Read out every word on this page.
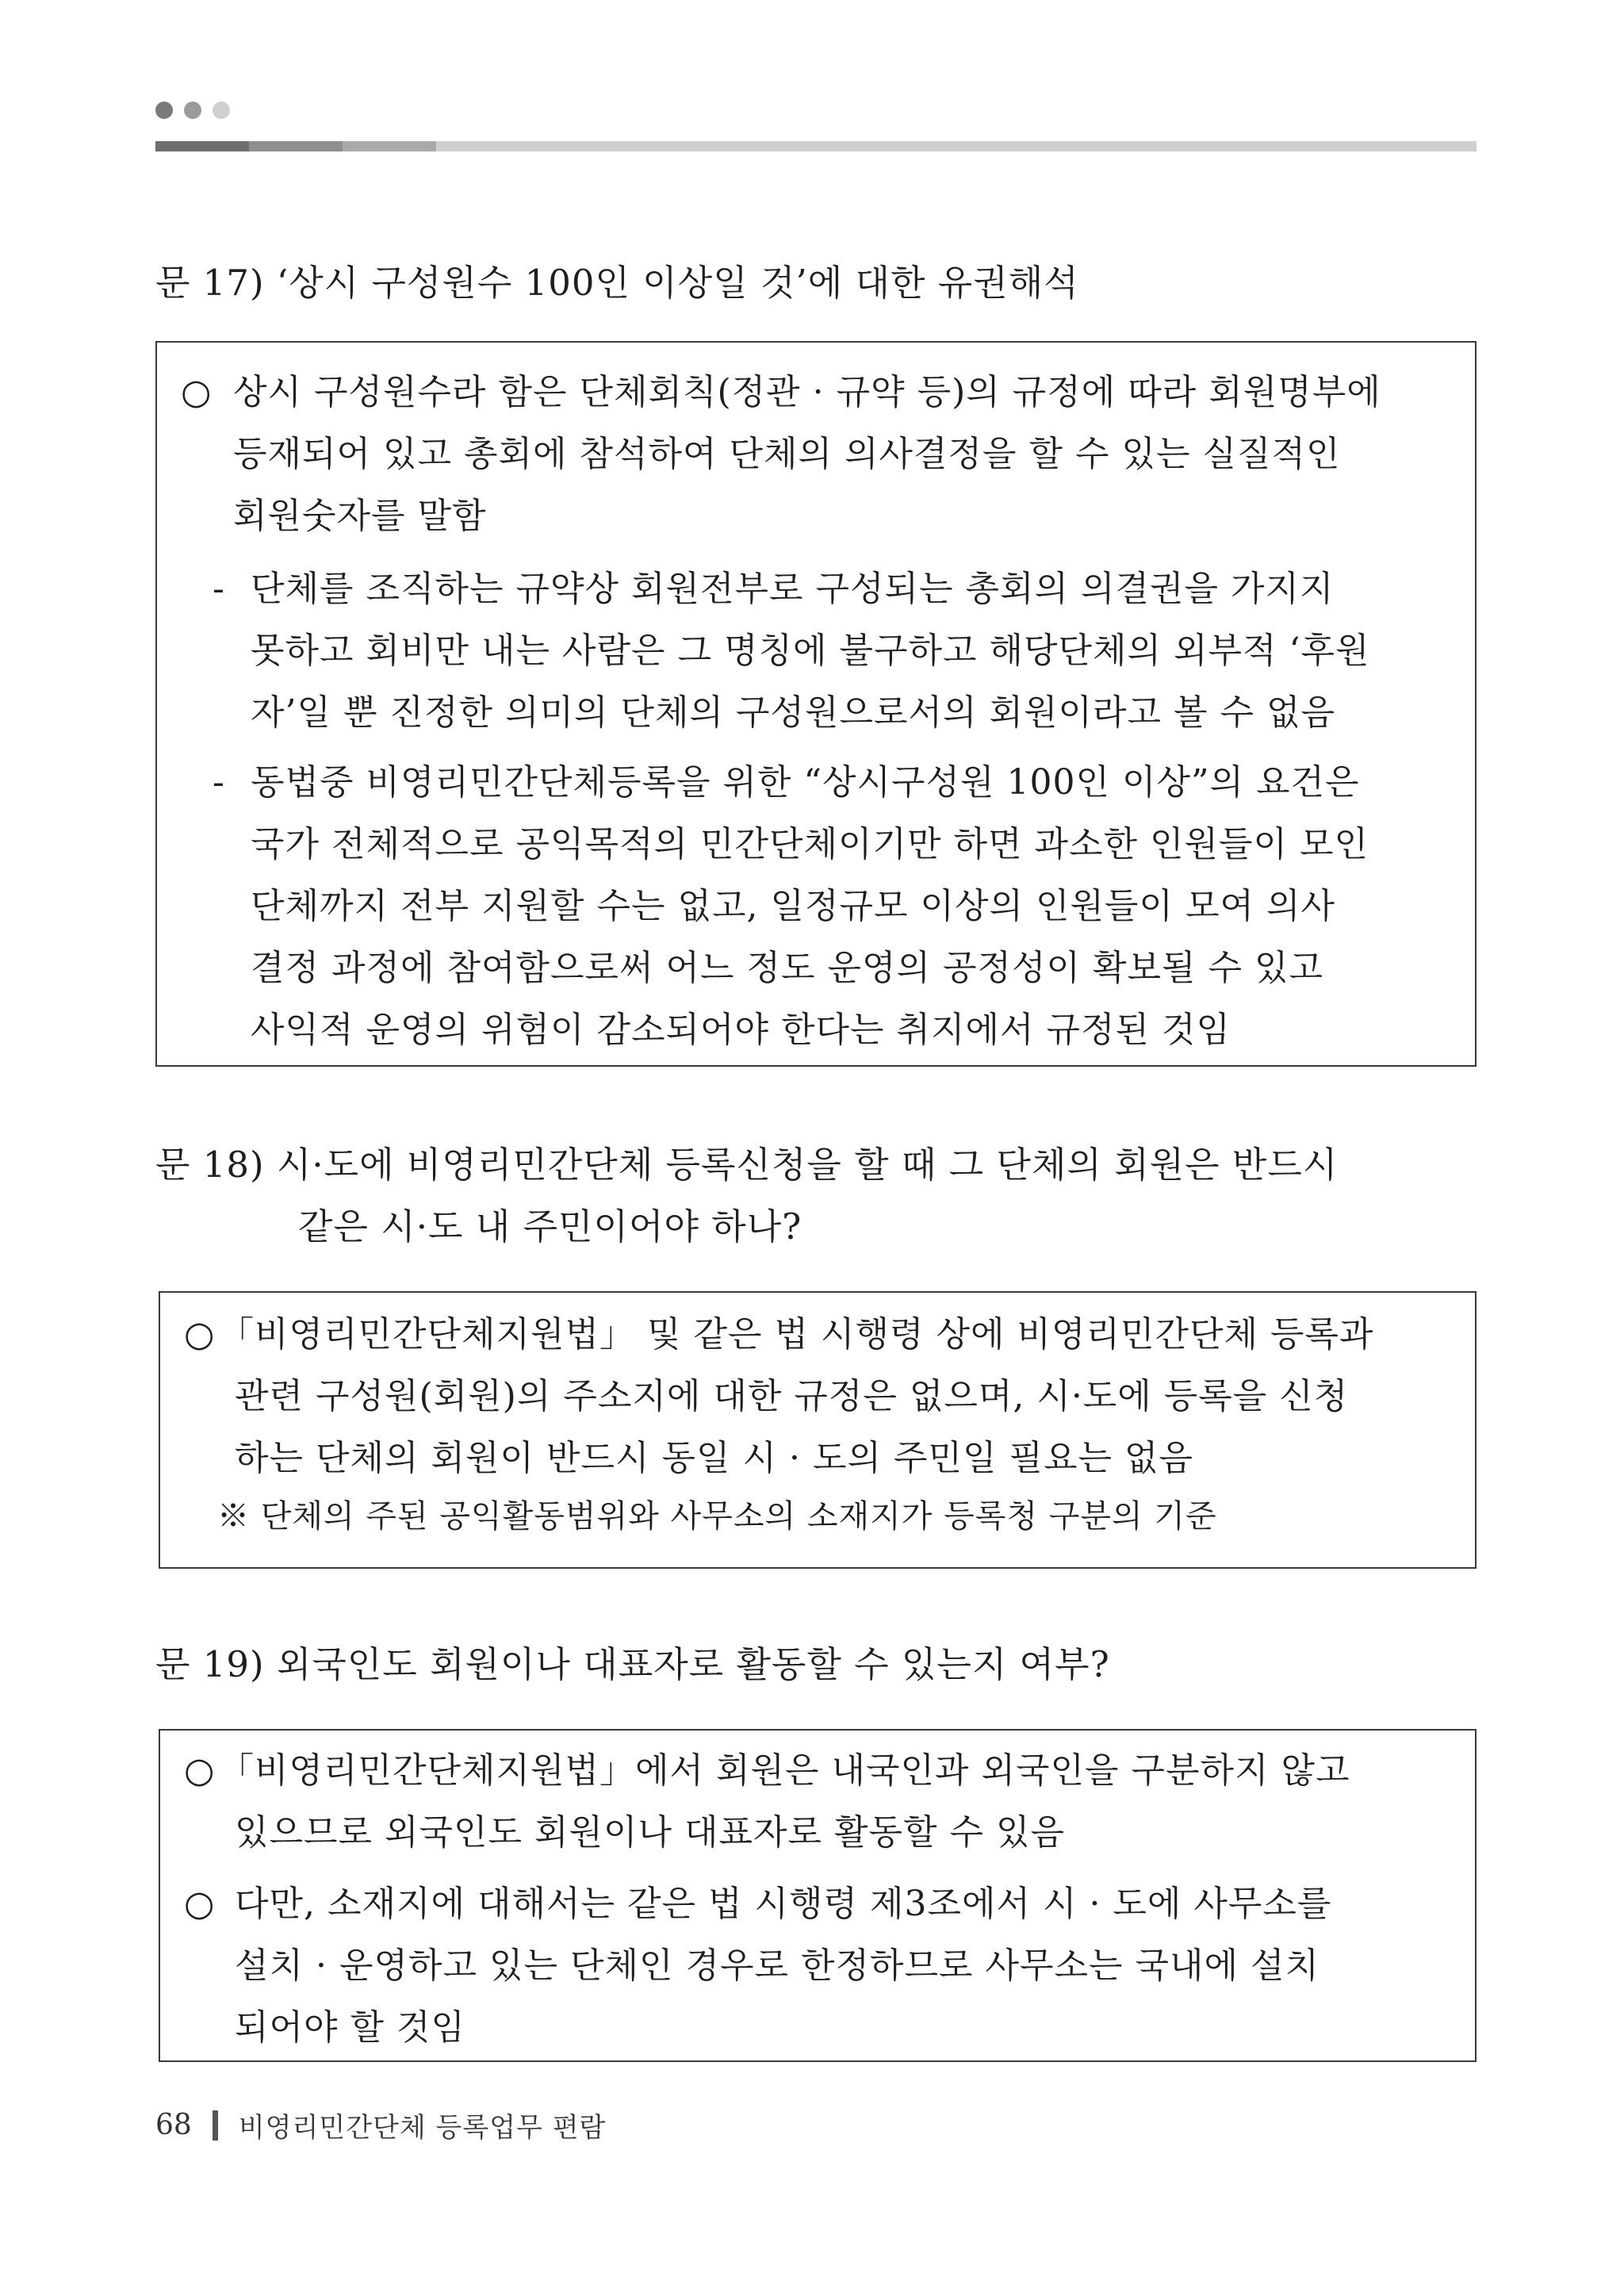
문 17) ‘상시 구성원수 100인 이상일 것’에 대한 유권해석
○ 상시 구성원수라 함은 단체회칙(정관 · 규약 등)의 규정에 따라 회원명부에
등재되어 있고 총회에 참석하여 단체의 의사결정을 할 수 있는 실질적인
회원숫자를 말함
- 단체를 조직하는 규약상 회원전부로 구성되는 총회의 의결권을 가지지
못하고 회비만 내는 사람은 그 명칭에 불구하고 해당단체의 외부적 ‘후원
자’일 뿐 진정한 의미의 단체의 구성원으로서의 회원이라고 볼 수 없음
- 동법중 비영리민간단체등록을 위한 “상시구성원 100인 이상”의 요건은
국가 전체적으로 공익목적의 민간단체이기만 하면 과소한 인원들이 모인
단체까지 전부 지원할 수는 없고, 일정규모 이상의 인원들이 모여 의사
결정 과정에 참여함으로써 어느 정도 운영의 공정성이 확보될 수 있고
사익적 운영의 위험이 감소되어야 한다는 취지에서 규정된 것임
문 18) 시·도에 비영리민간단체 등록신청을 할 때 그 단체의 회원은 반드시
같은 시·도 내 주민이어야 하나?
○ 「비영리민간단체지원법」 및 같은 법 시행령 상에 비영리민간단체 등록과
관련 구성원(회원)의 주소지에 대한 규정은 없으며, 시·도에 등록을 신청
하는 단체의 회원이 반드시 동일 시 · 도의 주민일 필요는 없음
※ 단체의 주된 공익활동범위와 사무소의 소재지가 등록청 구분의 기준
문 19) 외국인도 회원이나 대표자로 활동할 수 있는지 여부?
○ 「비영리민간단체지원법」에서 회원은 내국인과 외국인을 구분하지 않고
있으므로 외국인도 회원이나 대표자로 활동할 수 있음
○ 다만, 소재지에 대해서는 같은 법 시행령 제3조에서 시 · 도에 사무소를
설치 · 운영하고 있는 단체인 경우로 한정하므로 사무소는 국내에 설치
되어야 할 것임
68 비영리민간단체 등록업무 편람
